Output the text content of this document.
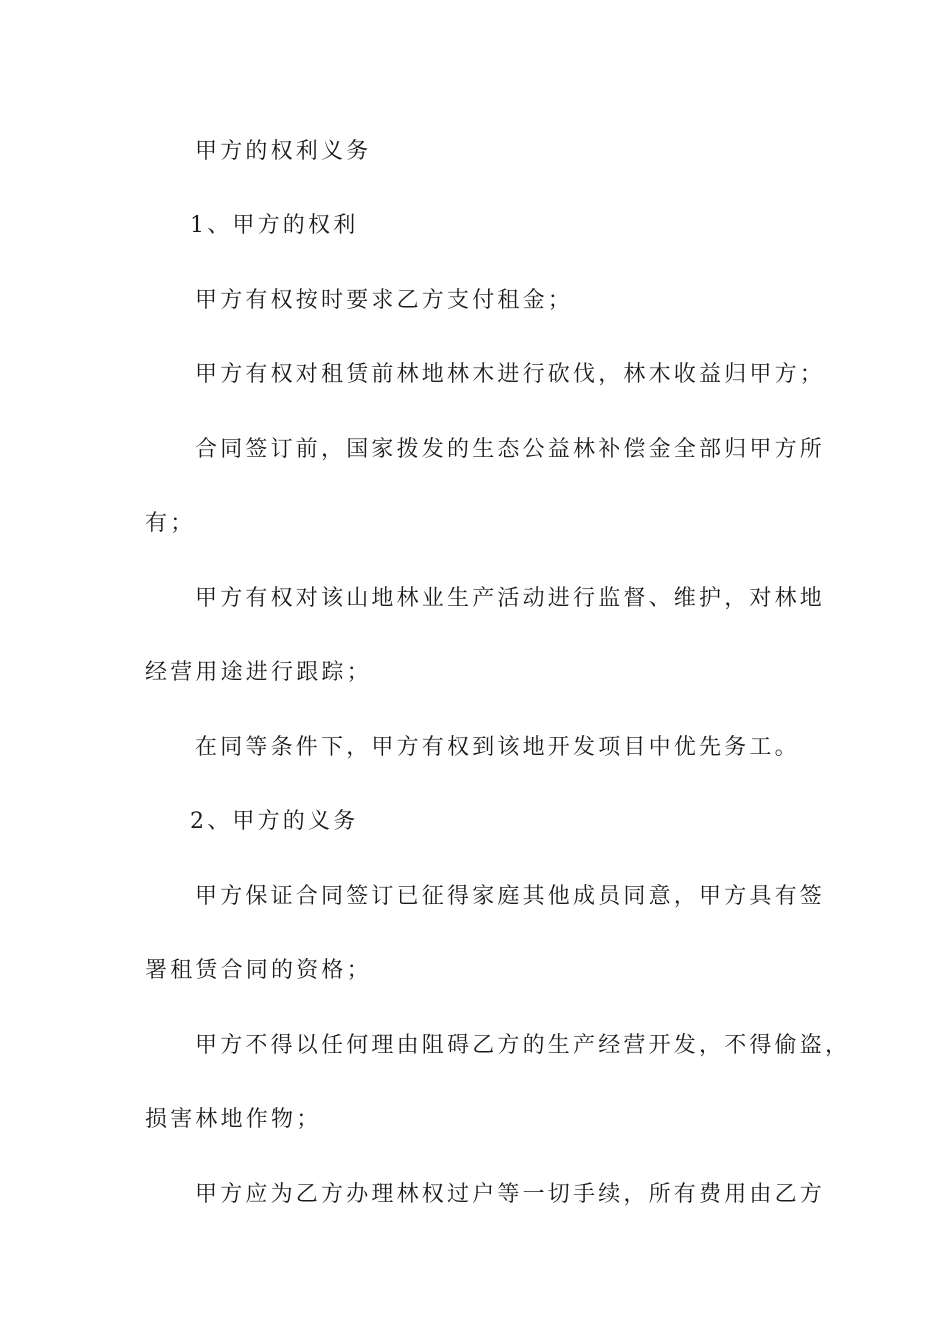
甲方的权利义务
1、甲方的权利
甲方有权按时要求乙方支付租金；
甲方有权对租赁前林地林木进行砍伐，林木收益归甲方；
合同签订前，国家拨发的生态公益林补偿金全部归甲方所
有；
甲方有权对该山地林业生产活动进行监督、维护，对林地
经营用途进行跟踪；
在同等条件下，甲方有权到该地开发项目中优先务工。
2、甲方的义务
甲方保证合同签订已征得家庭其他成员同意，甲方具有签
署租赁合同的资格；
甲方不得以任何理由阻碍乙方的生产经营开发，不得偷盗，
损害林地作物；
甲方应为乙方办理林权过户等一切手续，所有费用由乙方
